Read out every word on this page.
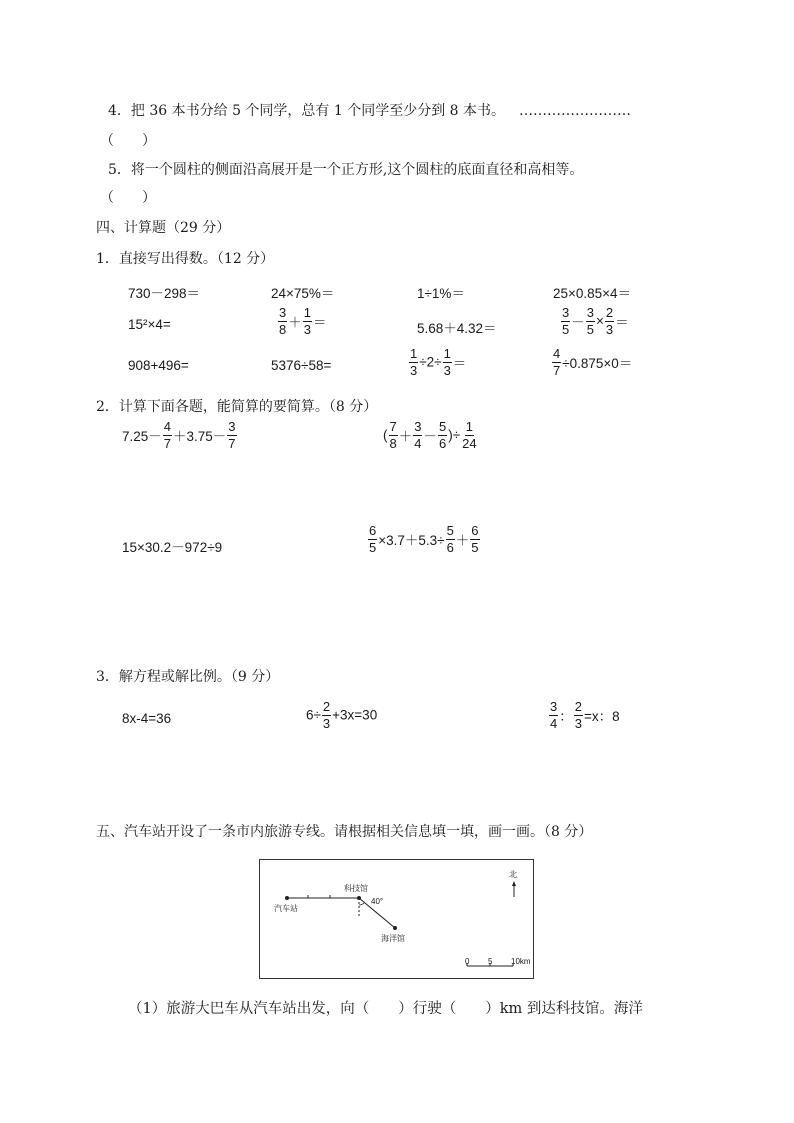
4．把 36 本书分给 5 个同学，总有 1 个同学至少分到 8 本书。 ……………………
（　　）
5．将一个圆柱的侧面沿高展开是一个正方形,这个圆柱的底面直径和高相等。
（　　）
四、计算题（29 分）
1．直接写出得数。（12 分）
730－298＝	24×75%＝	1÷1%＝	25×0.85×4＝
15²×4=	$\frac{3}{8} + \frac{1}{3}$ ＝	5.68＋4.32＝	$\frac{3}{5} - \frac{3}{5} \times \frac{2}{3}$ ＝
908+496=	5376÷58=	$\frac{1}{3} \div 2\div \frac{1}{3}$ ＝	$\frac{4}{7} \div 0.875\times 0=$
2．计算下面各题，能简算的要简算。（8 分）
$7.25- \frac{4}{7} +3.75- \frac{3}{7}$	( $\frac{7}{8} + \frac{3}{4} - \frac{5}{6}$ )÷ $\frac{1}{24}$
15×30.2－972÷9	$\frac{6}{5} \times 3.7+5.3\div \frac{5}{6} + \frac{6}{5}$
3．解方程或解比例。（9 分）
8x-4=36	$6\div \frac{2}{3} +3x=30$	$\frac{3}{4}$ ： $\frac{2}{3} =x$：8
五、汽车站开设了一条市内旅游专线。请根据相关信息填一填，画一画。（8 分）
汽车站
科技馆
海洋馆
40°
北
0 5 10km
（1）旅游大巴车从汽车站出发，向（　　）行驶（　　）km 到达科技馆。海洋
